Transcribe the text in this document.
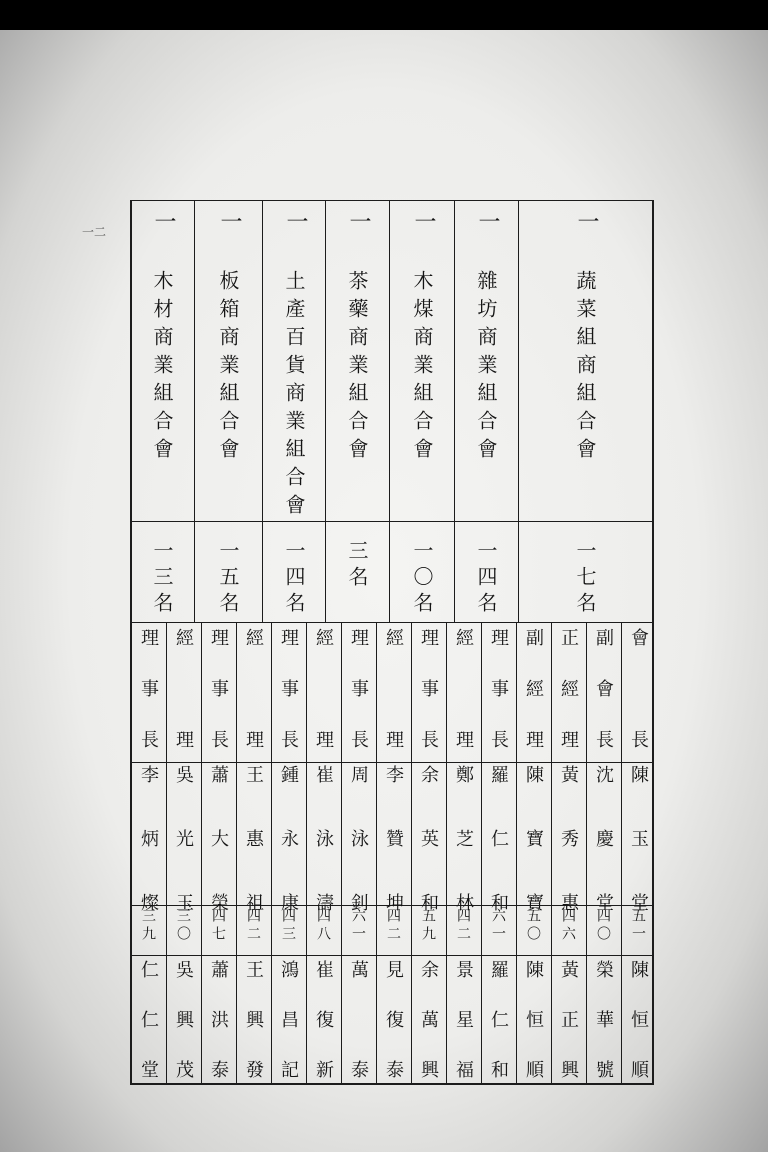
一二	一
蔬菜組商組合會
一七名
一
雜坊商業組合會
一四名
一
木煤商業組合會
一〇名
一
茶藥商業組合會
三名
一
土產百貨商業組合會
一四名
一
板箱商業組合會
一五名
一
木材商業組合會
一三名
會長
陳玉堂
五一
陳恒順
副會長
沈慶堂
四〇
榮華號
正經理
黃秀惠
四六
黃正興
副經理
陳寶寶
五〇
陳恒順
理事長
羅仁和
六一
羅仁和
經理
鄭芝林
四二
景星福
理事長
余英和
五九
余萬興
經理
李贊坤
四二
見復泰
理事長
周泳釗
六一
萬泰
經理
崔泳濤
四八
崔復新
理事長
鍾永康
四三
鴻昌記
經理
王惠祖
四二
王興發
理事長
蕭大榮
四七
蕭洪泰
經理
吳光玉
三〇
吳興茂
理事長
李炳燦
三九
仁仁堂
